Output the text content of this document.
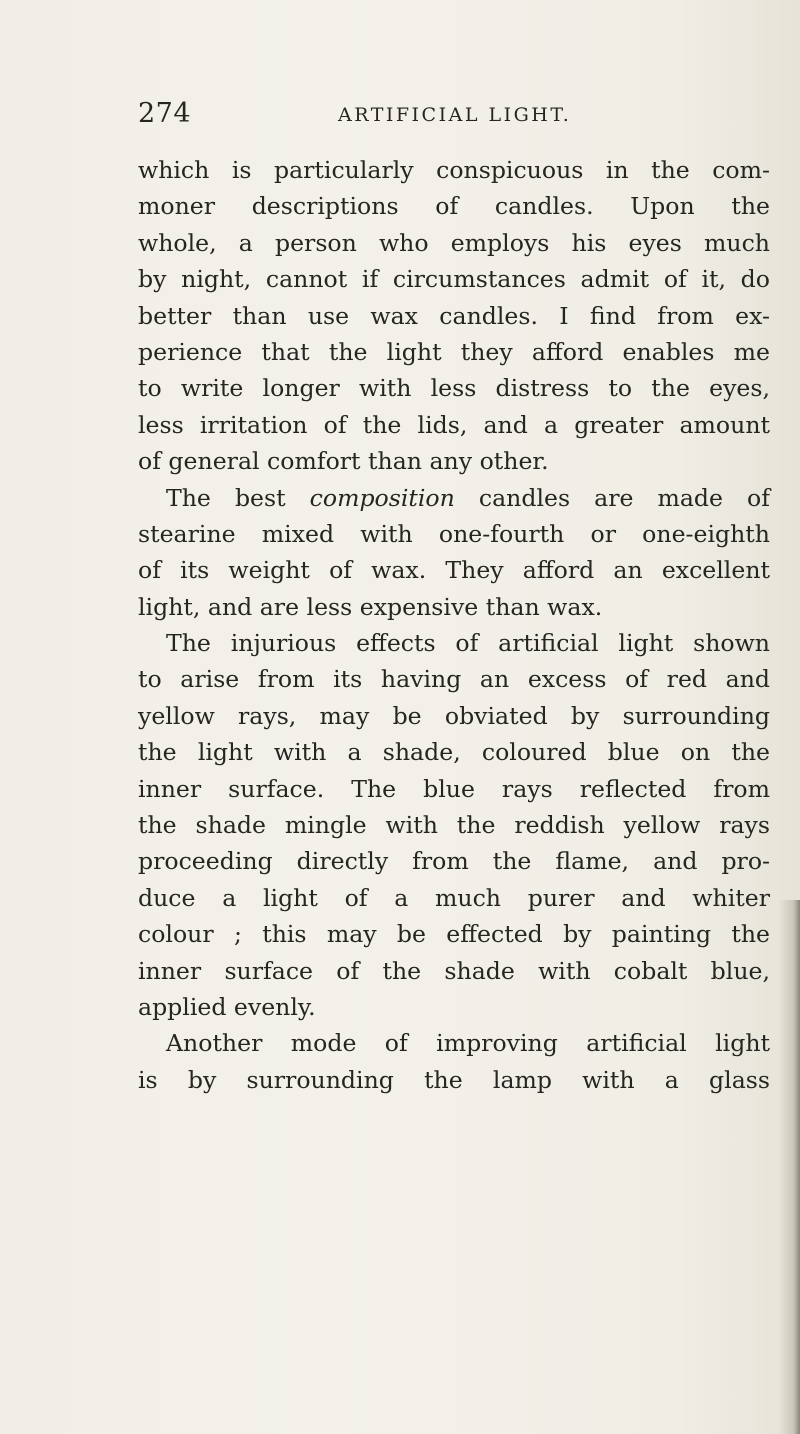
274	ARTIFICIAL LIGHT.
which is particularly conspicuous in the com-
moner descriptions of candles. Upon the
whole, a person who employs his eyes much
by night, cannot if circumstances admit of it, do
better than use wax candles. I find from ex-
perience that the light they afford enables me
to write longer with less distress to the eyes,
less irritation of the lids, and a greater amount
of general comfort than any other.
The best composition candles are made of
stearine mixed with one-fourth or one-eighth
of its weight of wax. They afford an excellent
light, and are less expensive than wax.
The injurious effects of artificial light shown
to arise from its having an excess of red and
yellow rays, may be obviated by surrounding
the light with a shade, coloured blue on the
inner surface. The blue rays reflected from
the shade mingle with the reddish yellow rays
proceeding directly from the flame, and pro-
duce a light of a much purer and whiter
colour ; this may be effected by painting the
inner surface of the shade with cobalt blue,
applied evenly.
Another mode of improving artificial light
is by surrounding the lamp with a glass
